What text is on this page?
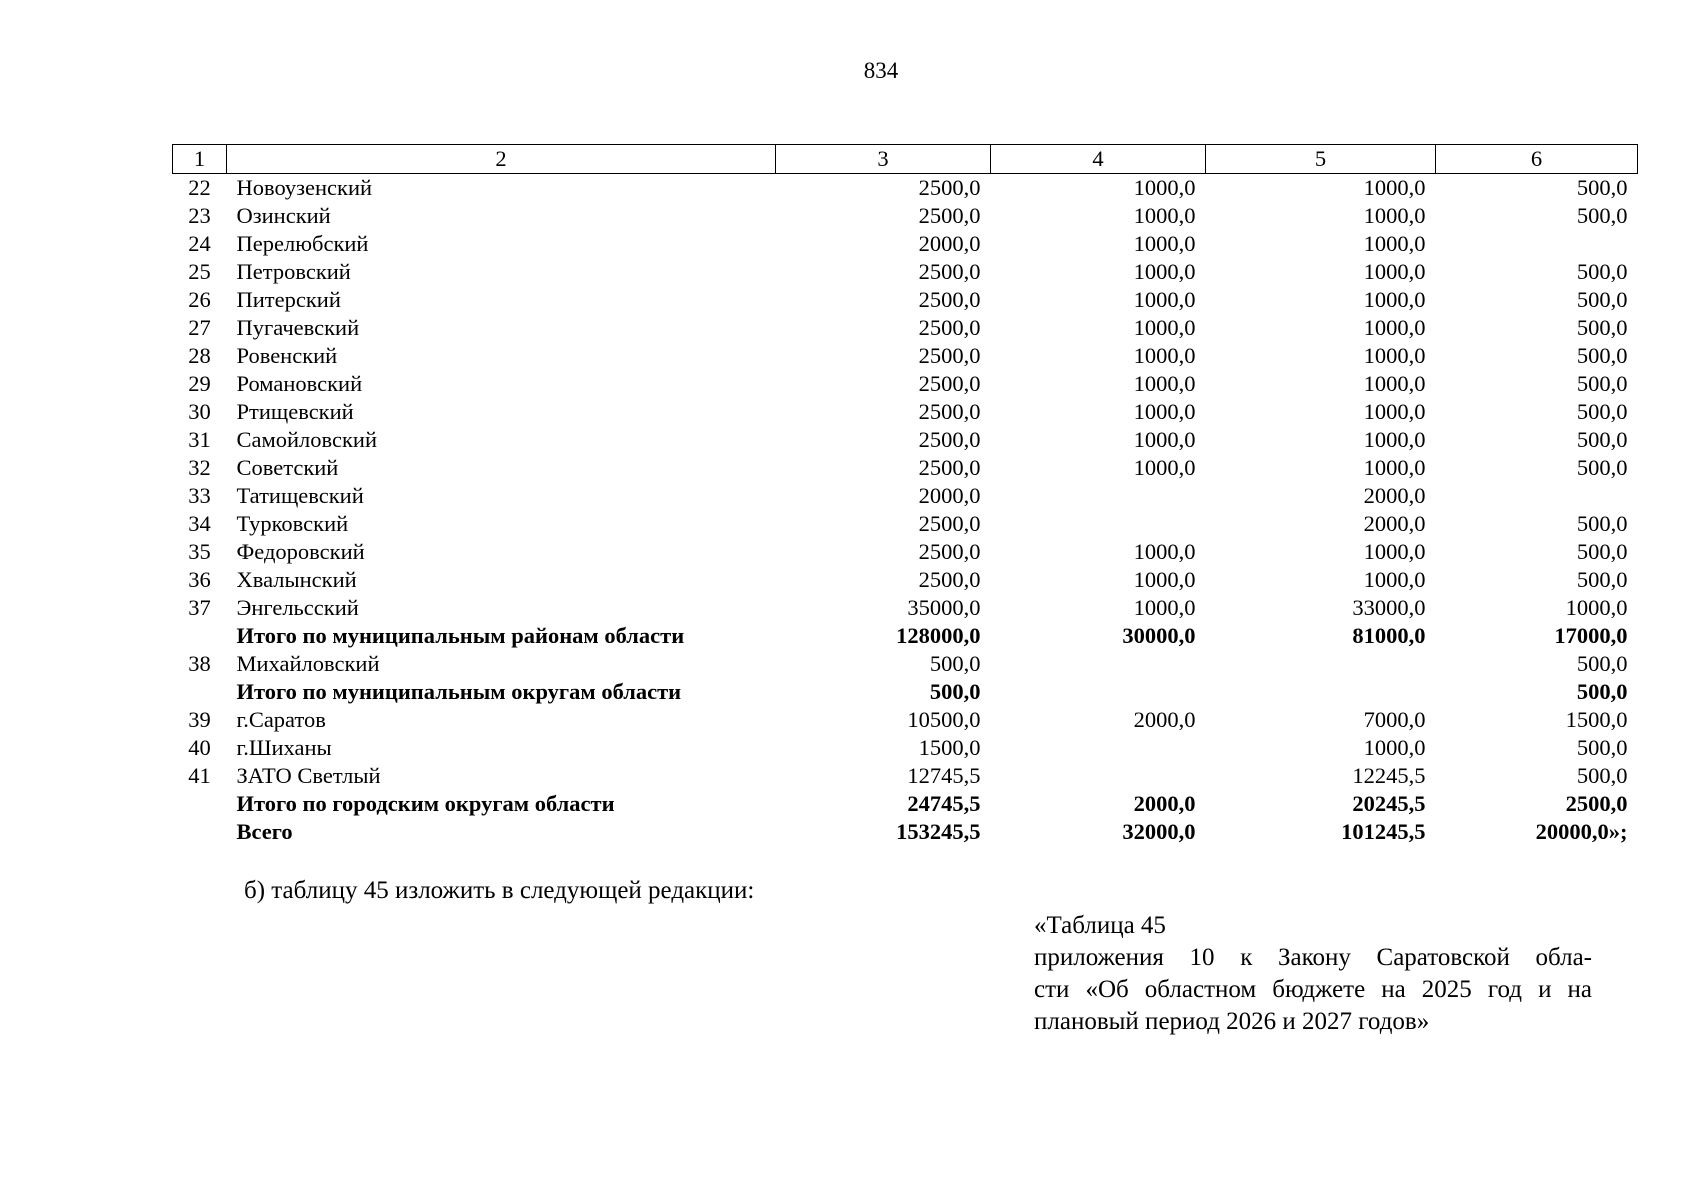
834
1	2	3	4	5	6
22	Новоузенский	2500,0	1000,0	1000,0	500,0
23	Озинский	2500,0	1000,0	1000,0	500,0
24	Перелюбский	2000,0	1000,0	1000,0	
25	Петровский	2500,0	1000,0	1000,0	500,0
26	Питерский	2500,0	1000,0	1000,0	500,0
27	Пугачевский	2500,0	1000,0	1000,0	500,0
28	Ровенский	2500,0	1000,0	1000,0	500,0
29	Романовский	2500,0	1000,0	1000,0	500,0
30	Ртищевский	2500,0	1000,0	1000,0	500,0
31	Самойловский	2500,0	1000,0	1000,0	500,0
32	Советский	2500,0	1000,0	1000,0	500,0
33	Татищевский	2000,0		2000,0	
34	Турковский	2500,0		2000,0	500,0
35	Федоровский	2500,0	1000,0	1000,0	500,0
36	Хвалынский	2500,0	1000,0	1000,0	500,0
37	Энгельсский	35000,0	1000,0	33000,0	1000,0
	Итого по муниципальным районам области	128000,0	30000,0	81000,0	17000,0
38	Михайловский	500,0			500,0
	Итого по муниципальным округам области	500,0			500,0
39	г.Саратов	10500,0	2000,0	7000,0	1500,0
40	г.Шиханы	1500,0		1000,0	500,0
41	ЗАТО Светлый	12745,5		12245,5	500,0
	Итого по городским округам области	24745,5	2000,0	20245,5	2500,0
	Всего	153245,5	32000,0	101245,5	20000,0»;
б) таблицу 45 изложить в следующей редакции:
«Таблица 45
приложения 10 к Закону Саратовской обла-
сти «Об областном бюджете на 2025 год и на
плановый период 2026 и 2027 годов»
